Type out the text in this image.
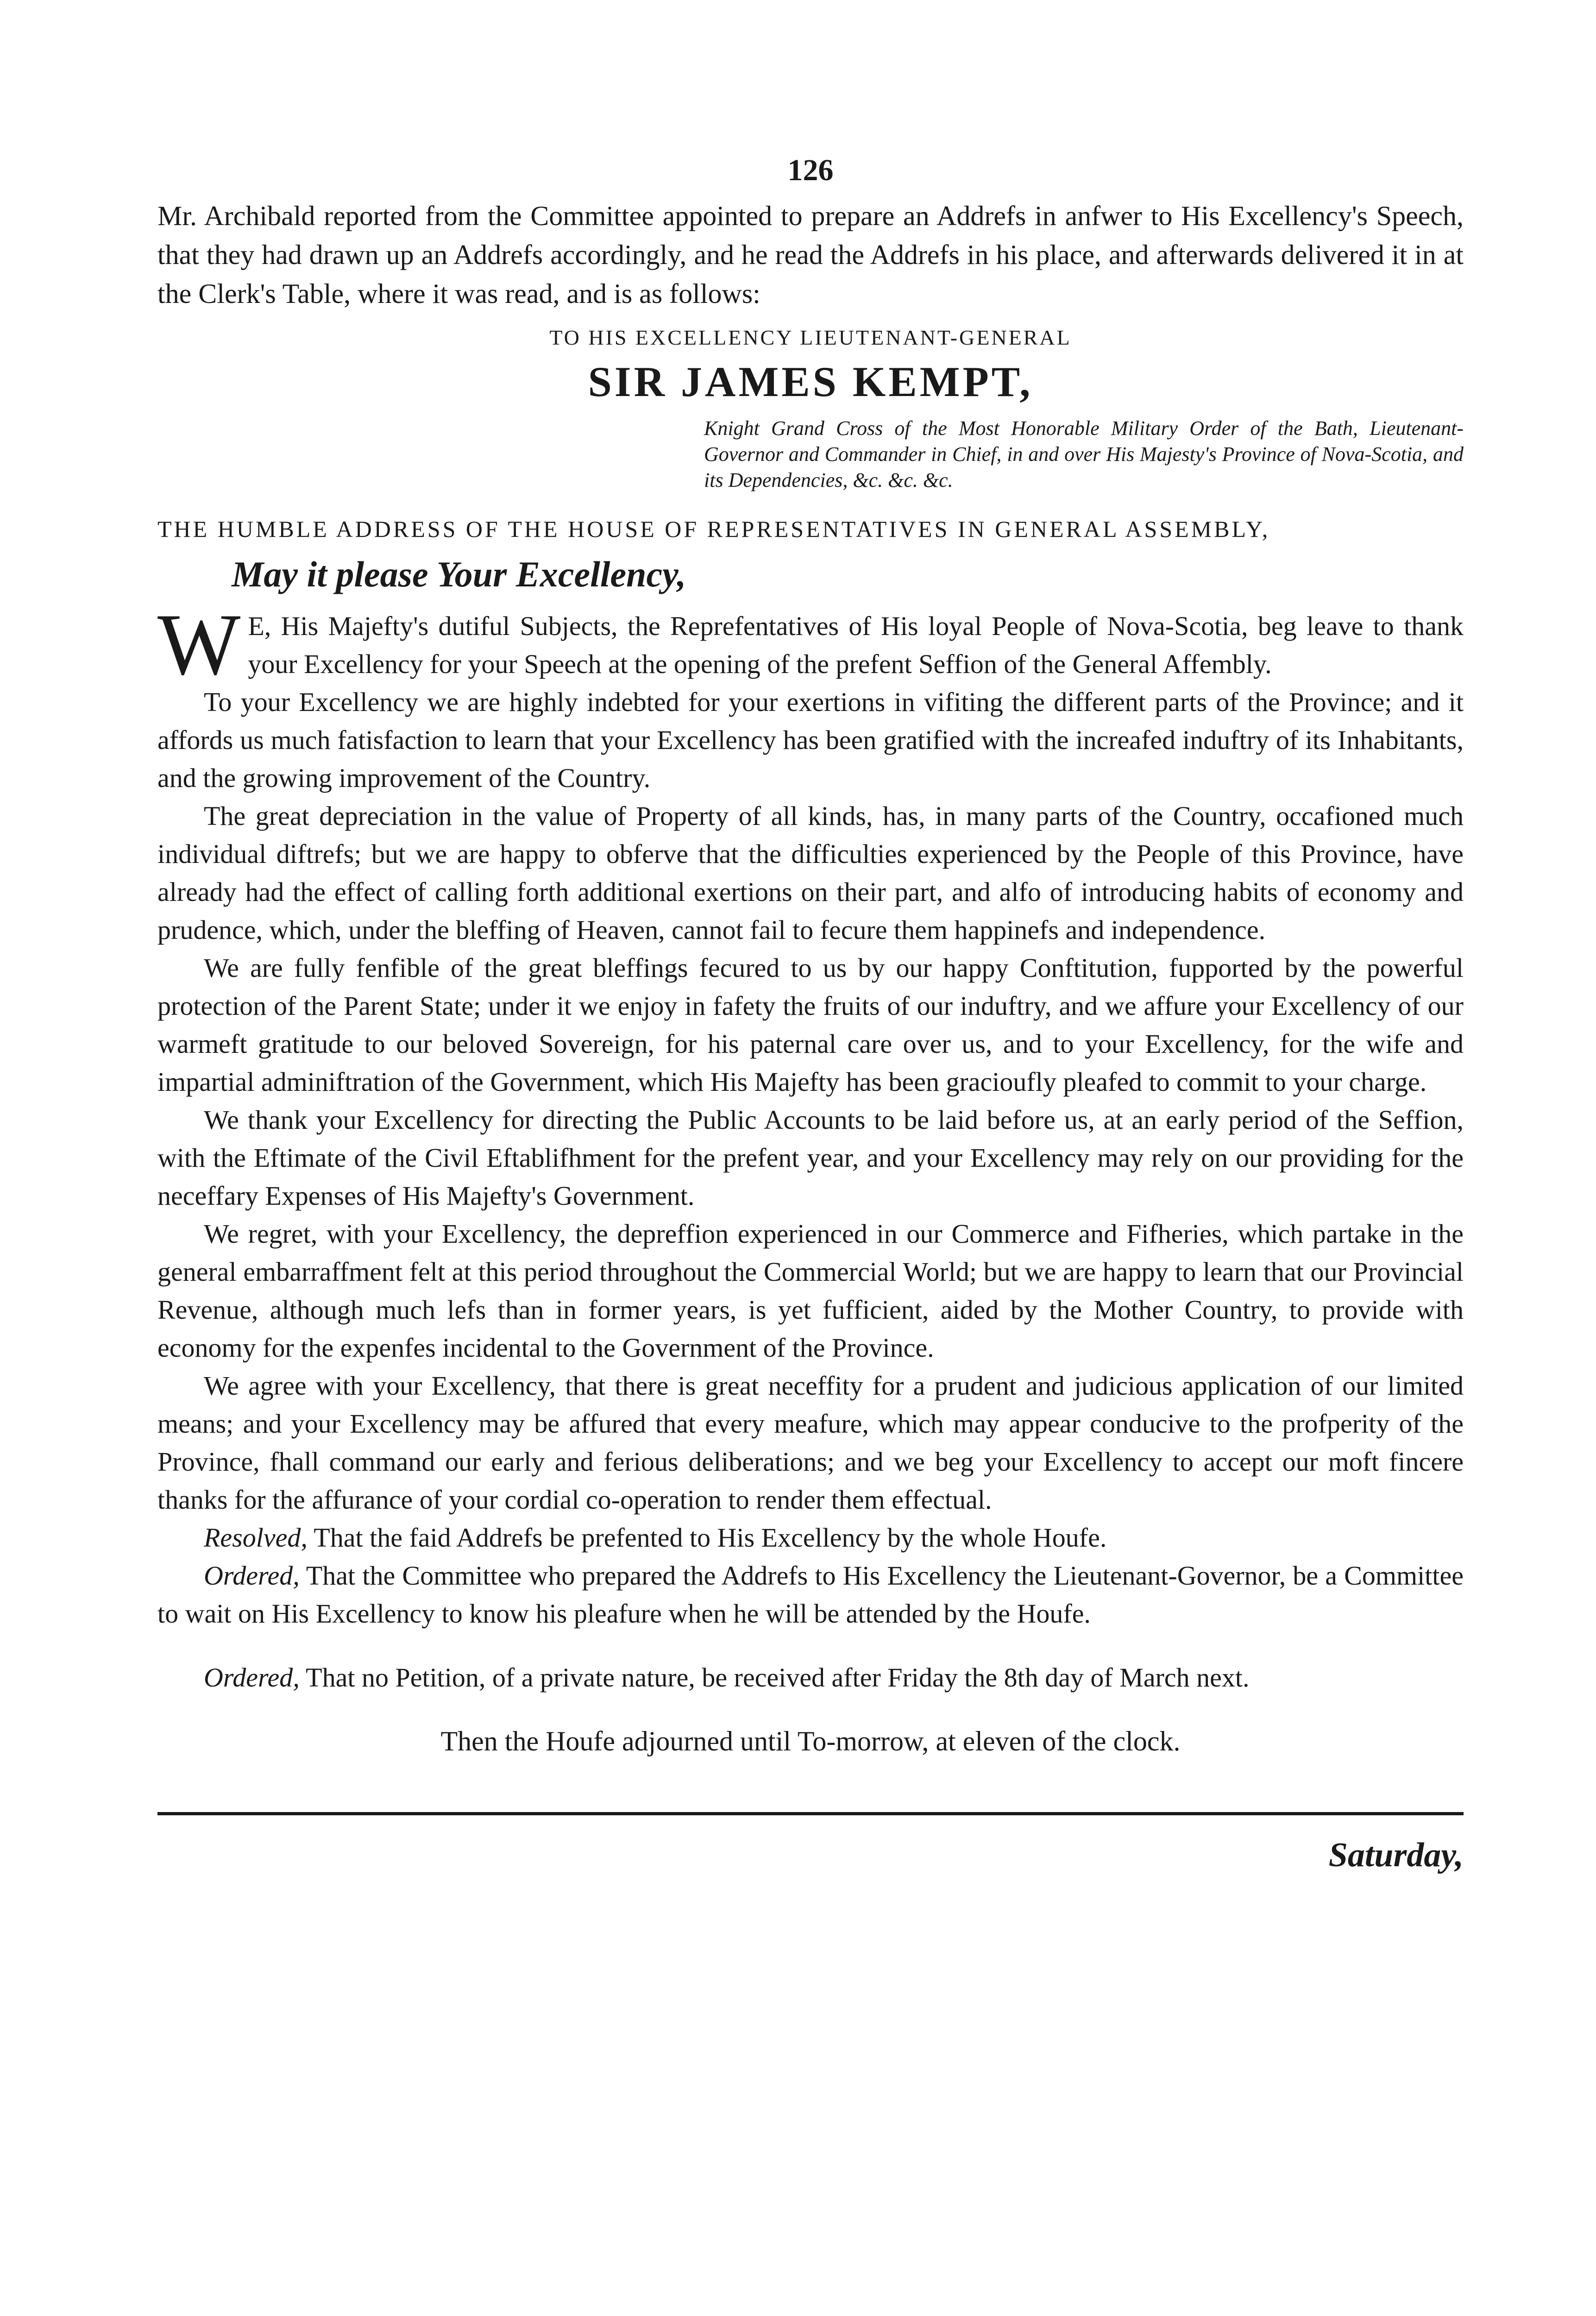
126

Mr. Archibald reported from the Committee appointed to prepare an Addrefs in anfwer to His Excellency's Speech, that they had drawn up an Addrefs accordingly, and he read the Addrefs in his place, and afterwards delivered it in at the Clerk's Table, where it was read, and is as follows:

TO HIS EXCELLENCY LIEUTENANT-GENERAL
SIR JAMES KEMPT,
Knight Grand Cross of the Most Honorable Military Order of the Bath, Lieutenant-Governor and Commander in Chief, in and over His Majesty's Province of Nova-Scotia, and its Dependencies, &c. &c. &c.
THE HUMBLE ADDRESS OF THE HOUSE OF REPRESENTATIVES IN GENERAL ASSEMBLY,
May it please Your Excellency,

W E, His Majefty's dutiful Subjects, the Reprefentatives of His loyal People of Nova-Scotia, beg leave to thank your Excellency for your Speech at the opening of the prefent Seffion of the General Affembly.

To your Excellency we are highly indebted for your exertions in vifiting the different parts of the Province; and it affords us much fatisfaction to learn that your Excellency has been gratified with the increafed induftry of its Inhabitants, and the growing improvement of the Country.

The great depreciation in the value of Property of all kinds, has, in many parts of the Country, occafioned much individual diftrefs; but we are happy to obferve that the difficulties experienced by the People of this Province, have already had the effect of calling forth additional exertions on their part, and alfo of introducing habits of economy and prudence, which, under the bleffing of Heaven, cannot fail to fecure them happinefs and independence.

We are fully fenfible of the great bleffings fecured to us by our happy Conftitution, fupported by the powerful protection of the Parent State; under it we enjoy in fafety the fruits of our induftry, and we affure your Excellency of our warmeft gratitude to our beloved Sovereign, for his paternal care over us, and to your Excellency, for the wife and impartial adminiftration of the Government, which His Majefty has been gracioufly pleafed to commit to your charge.

We thank your Excellency for directing the Public Accounts to be laid before us, at an early period of the Seffion, with the Eftimate of the Civil Eftablifhment for the prefent year, and your Excellency may rely on our providing for the neceffary Expenses of His Majefty's Government.

We regret, with your Excellency, the depreffion experienced in our Commerce and Fifheries, which partake in the general embarraffment felt at this period throughout the Commercial World; but we are happy to learn that our Provincial Revenue, although much lefs than in former years, is yet fufficient, aided by the Mother Country, to provide with economy for the expenfes incidental to the Government of the Province.

We agree with your Excellency, that there is great neceffity for a prudent and judicious application of our limited means; and your Excellency may be affured that every meafure, which may appear conducive to the profperity of the Province, fhall command our early and ferious deliberations; and we beg your Excellency to accept our moft fincere thanks for the affurance of your cordial co-operation to render them effectual.

Resolved, That the faid Addrefs be prefented to His Excellency by the whole Houfe.

Ordered, That the Committee who prepared the Addrefs to His Excellency the Lieutenant-Governor, be a Committee to wait on His Excellency to know his pleafure when he will be attended by the Houfe.

Ordered, That no Petition, of a private nature, be received after Friday the 8th day of March next.

Then the Houfe adjourned until To-morrow, at eleven of the clock.
Saturday,
